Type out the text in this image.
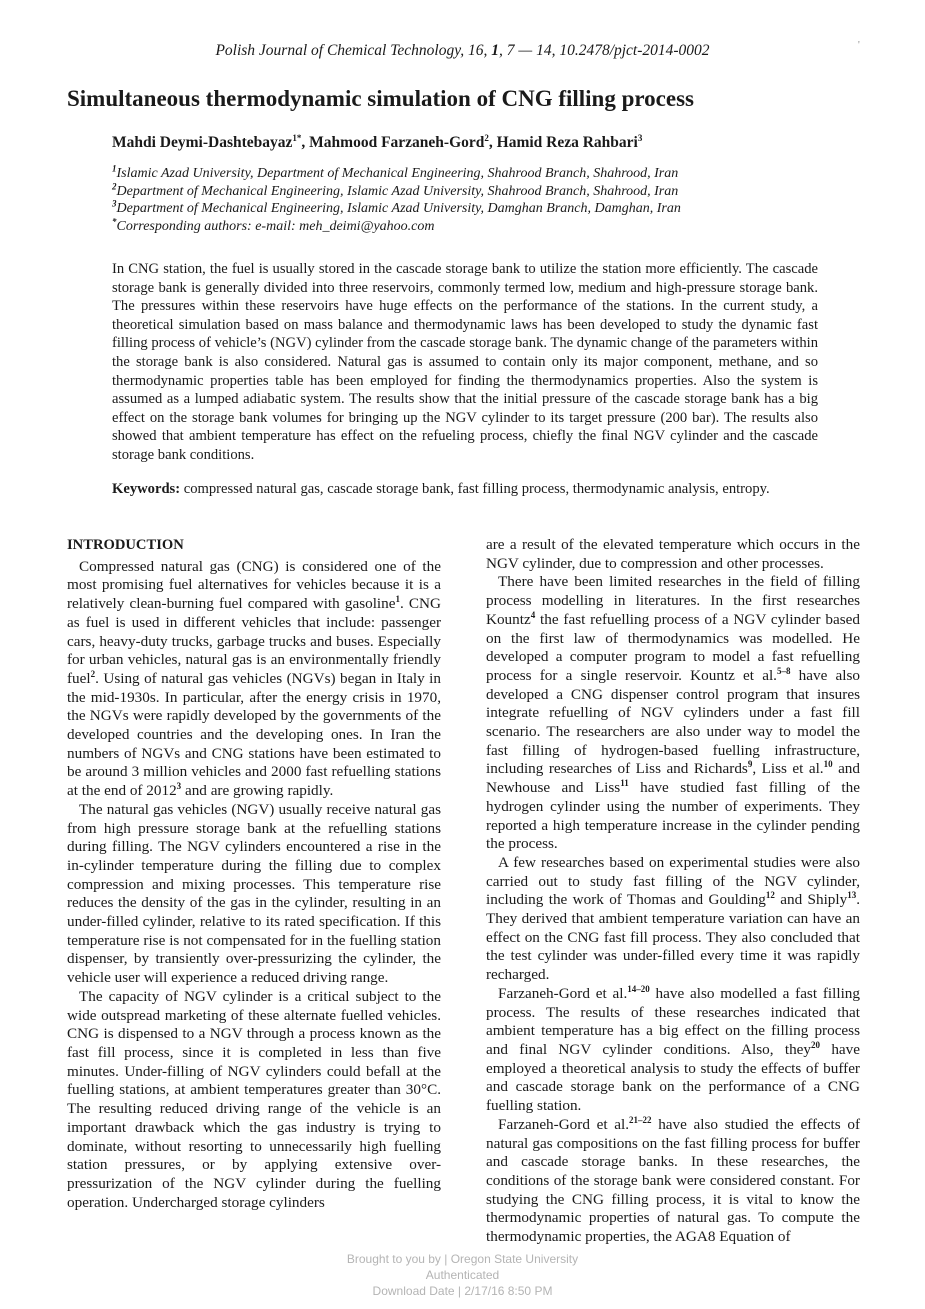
Polish Journal of Chemical Technology, 16, 1, 7 — 14, 10.2478/pjct-2014-0002	'
Simultaneous thermodynamic simulation of CNG filling process
Mahdi Deymi-Dashtebayaz$^{1*}$, Mahmood Farzaneh-Gord$^2$, Hamid Reza Rahbari$^3$
$^1$Islamic Azad University, Department of Mechanical Engineering, Shahrood Branch, Shahrood, Iran
$^2$Department of Mechanical Engineering, Islamic Azad University, Shahrood Branch, Shahrood, Iran
$^3$Department of Mechanical Engineering, Islamic Azad University, Damghan Branch, Damghan, Iran
*Corresponding authors: e-mail: meh_deimi@yahoo.com

In CNG station, the fuel is usually stored in the cascade storage bank to utilize the station more efficiently. The cascade storage bank is generally divided into three reservoirs, commonly termed low, medium and high-pressure storage bank. The pressures within these reservoirs have huge effects on the performance of the stations. In the current study, a theoretical simulation based on mass balance and thermodynamic laws has been developed to study the dynamic fast filling process of vehicle’s (NGV) cylinder from the cascade storage bank. The dynamic change of the parameters within the storage bank is also considered. Natural gas is assumed to contain only its major component, methane, and so thermodynamic properties table has been employed for finding the thermodynamics properties. Also the system is assumed as a lumped adiabatic system. The results show that the initial pressure of the cascade storage bank has a big effect on the storage bank volumes for bringing up the NGV cylinder to its target pressure (200 bar). The results also showed that ambient temperature has effect on the refueling process, chiefly the final NGV cylinder and the cascade storage bank conditions.

Keywords: compressed natural gas, cascade storage bank, fast filling process, thermodynamic analysis, entropy.

INTRODUCTION

Compressed natural gas (CNG) is considered one of the most promising fuel alternatives for vehicles because it is a relatively clean-burning fuel compared with gasoline$^1$. CNG as fuel is used in different vehicles that include: passenger cars, heavy-duty trucks, garbage trucks and buses. Especially for urban vehicles, natural gas is an environmentally friendly fuel$^2$. Using of natural gas vehicles (NGVs) began in Italy in the mid-1930s. In particular, after the energy crisis in 1970, the NGVs were rapidly developed by the governments of the developed countries and the developing ones. In Iran the numbers of NGVs and CNG stations have been estimated to be around 3 million vehicles and 2000 fast refuelling stations at the end of 2012$^3$ and are growing rapidly.

The natural gas vehicles (NGV) usually receive natural gas from high pressure storage bank at the refuelling stations during filling. The NGV cylinders encountered a rise in the in-cylinder temperature during the filling due to complex compression and mixing processes. This temperature rise reduces the density of the gas in the cylinder, resulting in an under-filled cylinder, relative to its rated specification. If this temperature rise is not compensated for in the fuelling station dispenser, by transiently over-pressurizing the cylinder, the vehicle user will experience a reduced driving range.

The capacity of NGV cylinder is a critical subject to the wide outspread marketing of these alternate fuelled vehicles. CNG is dispensed to a NGV through a process known as the fast fill process, since it is completed in less than five minutes. Under-filling of NGV cylinders could befall at the fuelling stations, at ambient temperatures greater than 30°C. The resulting reduced driving range of the vehicle is an important drawback which the gas industry is trying to dominate, without resorting to unnecessarily high fuelling station pressures, or by applying extensive over-pressurization of the NGV cylinder during the fuelling operation. Undercharged storage cylinders

are a result of the elevated temperature which occurs in the NGV cylinder, due to compression and other processes.

There have been limited researches in the field of filling process modelling in literatures. In the first researches Kountz$^4$ the fast refuelling process of a NGV cylinder based on the first law of thermodynamics was modelled. He developed a computer program to model a fast refuelling process for a single reservoir. Kountz et al.$^{5-8}$ have also developed a CNG dispenser control program that insures integrate refuelling of NGV cylinders under a fast fill scenario. The researchers are also under way to model the fast filling of hydrogen-based fuelling infrastructure, including researches of Liss and Richards$^9$, Liss et al.$^{10}$ and Newhouse and Liss$^{11}$ have studied fast filling of the hydrogen cylinder using the number of experiments. They reported a high temperature increase in the cylinder pending the process.

A few researches based on experimental studies were also carried out to study fast filling of the NGV cylinder, including the work of Thomas and Goulding$^{12}$ and Shiply$^{13}$. They derived that ambient temperature variation can have an effect on the CNG fast fill process. They also concluded that the test cylinder was under-filled every time it was rapidly recharged.

Farzaneh-Gord et al.$^{14-20}$ have also modelled a fast filling process. The results of these researches indicated that ambient temperature has a big effect on the filling process and final NGV cylinder conditions. Also, they$^{20}$ have employed a theoretical analysis to study the effects of buffer and cascade storage bank on the performance of a CNG fuelling station.

Farzaneh-Gord et al.$^{21-22}$ have also studied the effects of natural gas compositions on the fast filling process for buffer and cascade storage banks. In these researches, the conditions of the storage bank were considered constant. For studying the CNG filling process, it is vital to know the thermodynamic properties of natural gas. To compute the thermodynamic properties, the AGA8 Equation of

Brought to you by | Oregon State University
Authenticated
Download Date | 2/17/16 8:50 PM
